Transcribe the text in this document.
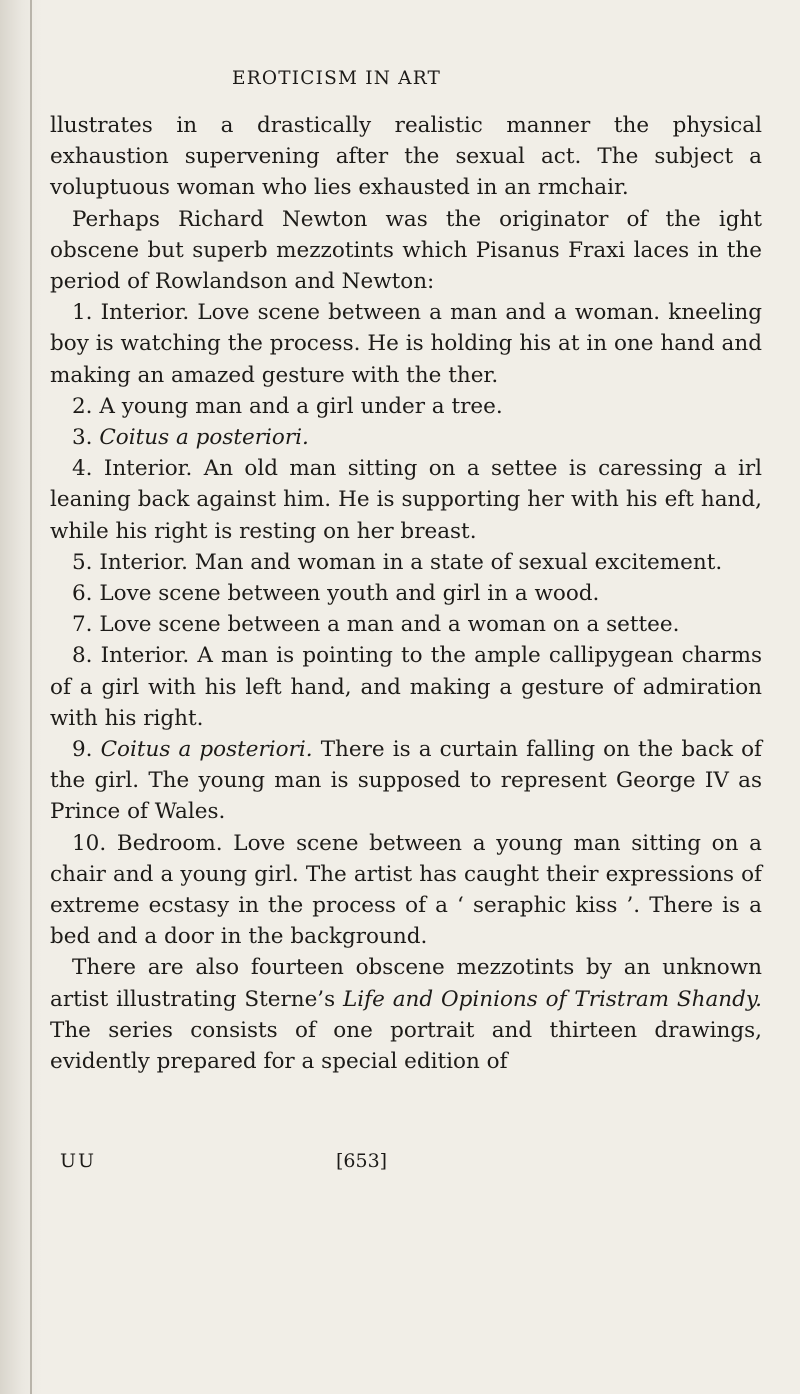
EROTICISM IN ART

llustrates in a drastically realistic manner the physical exhaustion supervening after the sexual act. The subject a voluptuous woman who lies exhausted in an rmchair.

Perhaps Richard Newton was the originator of the ight obscene but superb mezzotints which Pisanus Fraxi laces in the period of Rowlandson and Newton:

1. Interior. Love scene between a man and a woman. kneeling boy is watching the process. He is holding his at in one hand and making an amazed gesture with the ther.

2. A young man and a girl under a tree.

3. Coitus a posteriori.

4. Interior. An old man sitting on a settee is caressing a irl leaning back against him. He is supporting her with his eft hand, while his right is resting on her breast.

5. Interior. Man and woman in a state of sexual excitement.

6. Love scene between youth and girl in a wood.

7. Love scene between a man and a woman on a settee.

8. Interior. A man is pointing to the ample callipygean charms of a girl with his left hand, and making a gesture of admiration with his right.

9. Coitus a posteriori. There is a curtain falling on the back of the girl. The young man is supposed to represent George IV as Prince of Wales.

10. Bedroom. Love scene between a young man sitting on a chair and a young girl. The artist has caught their expressions of extreme ecstasy in the process of a ‘ seraphic kiss ’. There is a bed and a door in the background.

There are also fourteen obscene mezzotints by an unknown artist illustrating Sterne’s Life and Opinions of Tristram Shandy. The series consists of one portrait and thirteen drawings, evidently prepared for a special edition of

UU	[653]
